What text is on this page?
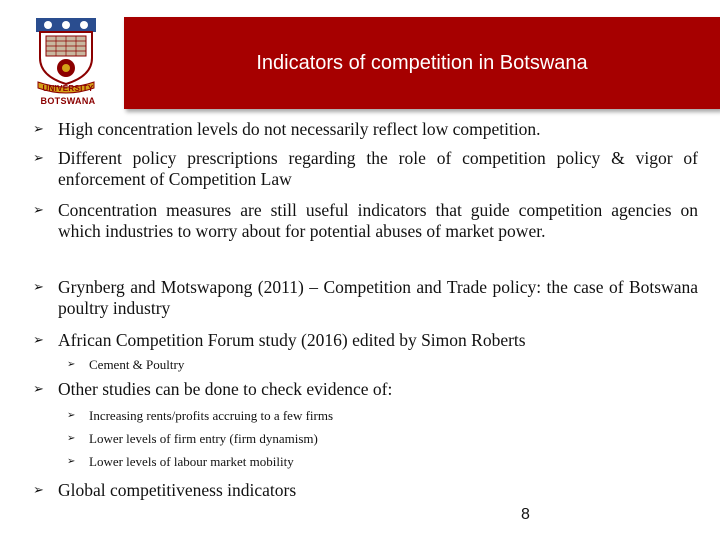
UNIVERSITY
BOTSWANA
Indicators of competition in Botswana
➢ High concentration levels do not necessarily reflect low competition.
➢ Different policy prescriptions regarding the role of competition policy & vigor of enforcement of Competition Law
➢ Concentration measures are still useful indicators that guide competition agencies on which industries to worry about for potential abuses of market power.
➢ Grynberg and Motswapong (2011) – Competition and Trade policy: the case of Botswana poultry industry
➢ African Competition Forum study (2016) edited by Simon Roberts
➢ Cement & Poultry
➢ Other studies can be done to check evidence of:
➢ Increasing rents/profits accruing to a few firms
➢ Lower levels of firm entry (firm dynamism)
➢ Lower levels of labour market mobility
➢ Global competitiveness indicators
8
